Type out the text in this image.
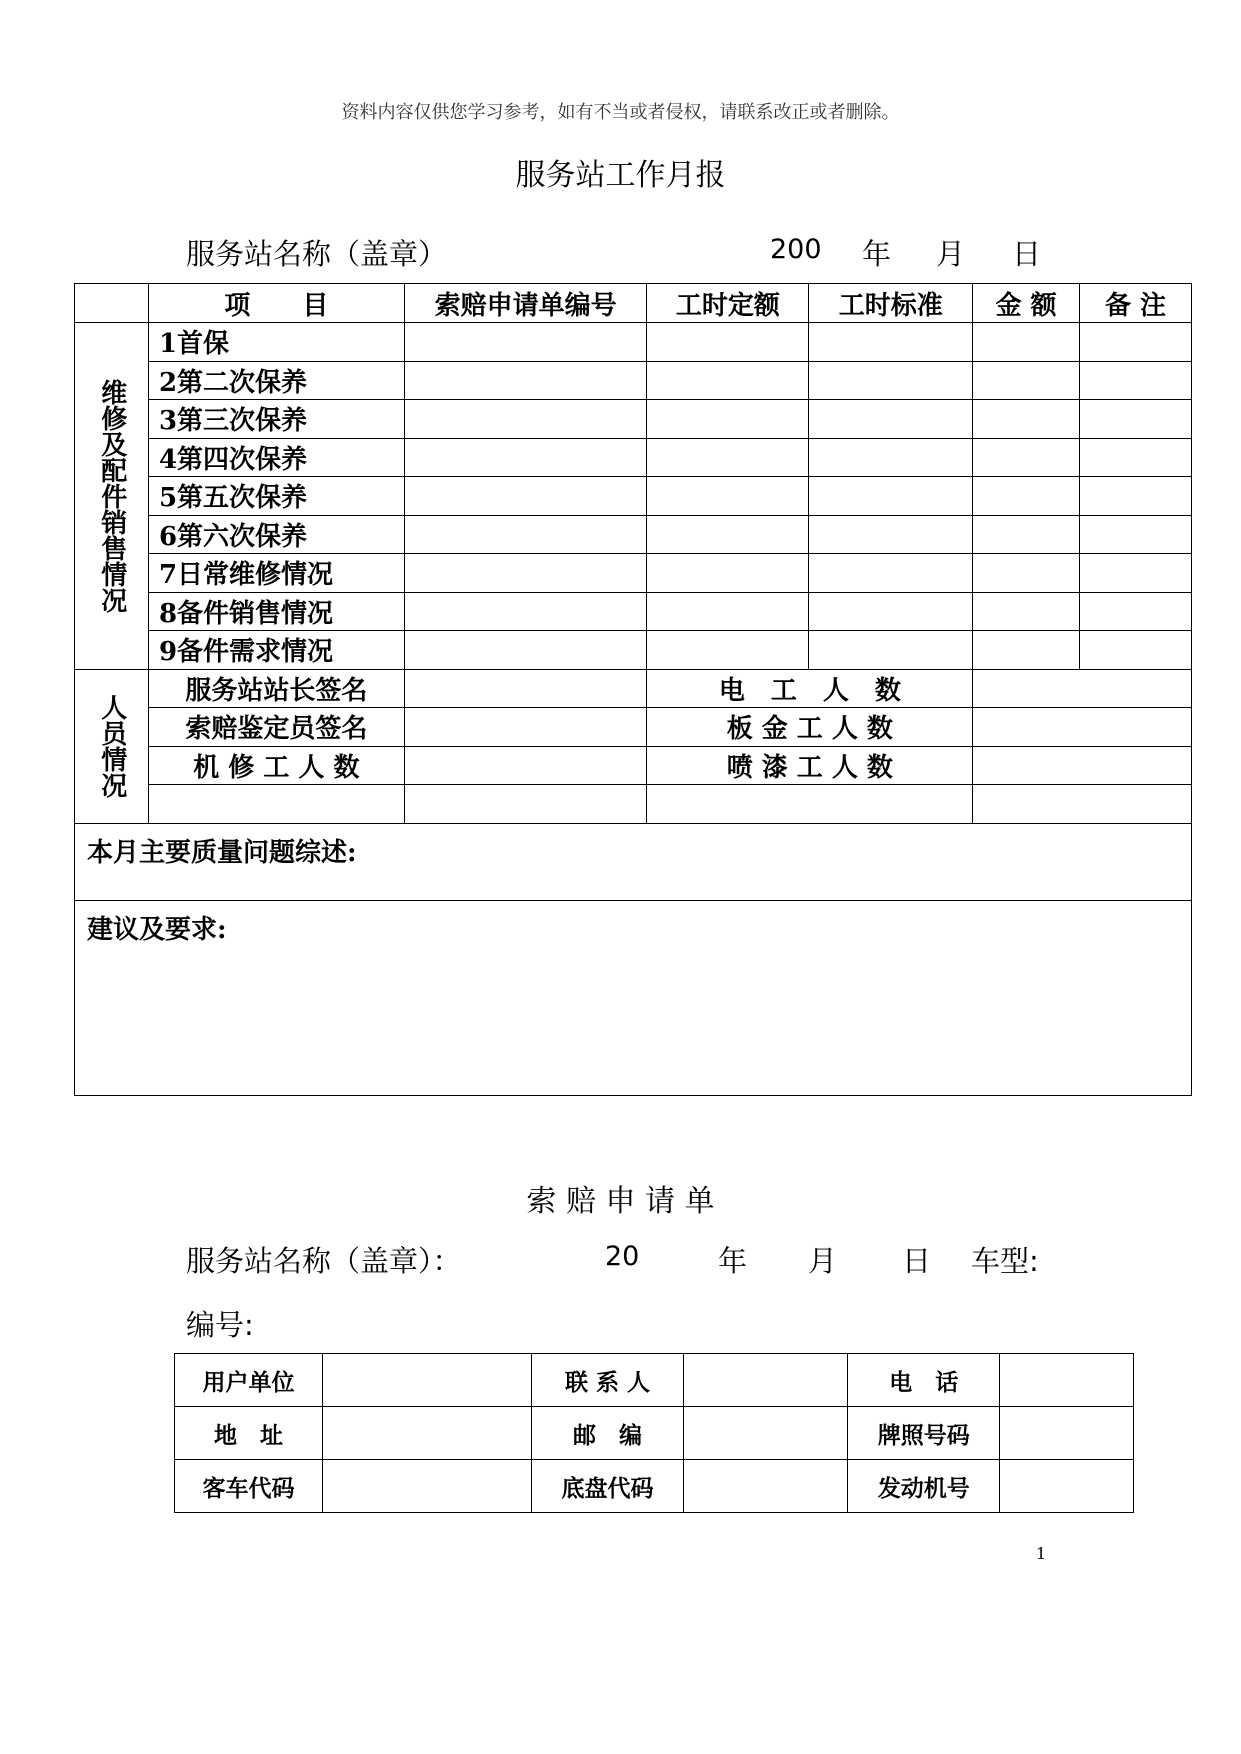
资料内容仅供您学习参考，如有不当或者侵权，请联系改正或者删除。
服务站工作月报
服务站名称（盖章）	200 年 月 日
	项　　目	索赔申请单编号	工时定额	工时标准	金 额	备 注
维修及配件销售情况	1首保					
	2第二次保养					
	3第三次保养					
	4第四次保养					
	5第五次保养					
	6第六次保养					
	7日常维修情况					
	8备件销售情况					
	9备件需求情况					
人员情况	服务站站长签名		电　工　人　数			
	索赔鉴定员签名		板 金 工 人 数			
	机 修 工 人 数		喷 漆 工 人 数			

本月主要质量问题综述:						
建议及要求:						
索 赔 申 请 单
服务站名称（盖章）：	20	年 月 日 车型:
编号:
用户单位		联 系 人		电　话	
地　址		邮　编		牌照号码	
客车代码		底盘代码		发动机号	
1
